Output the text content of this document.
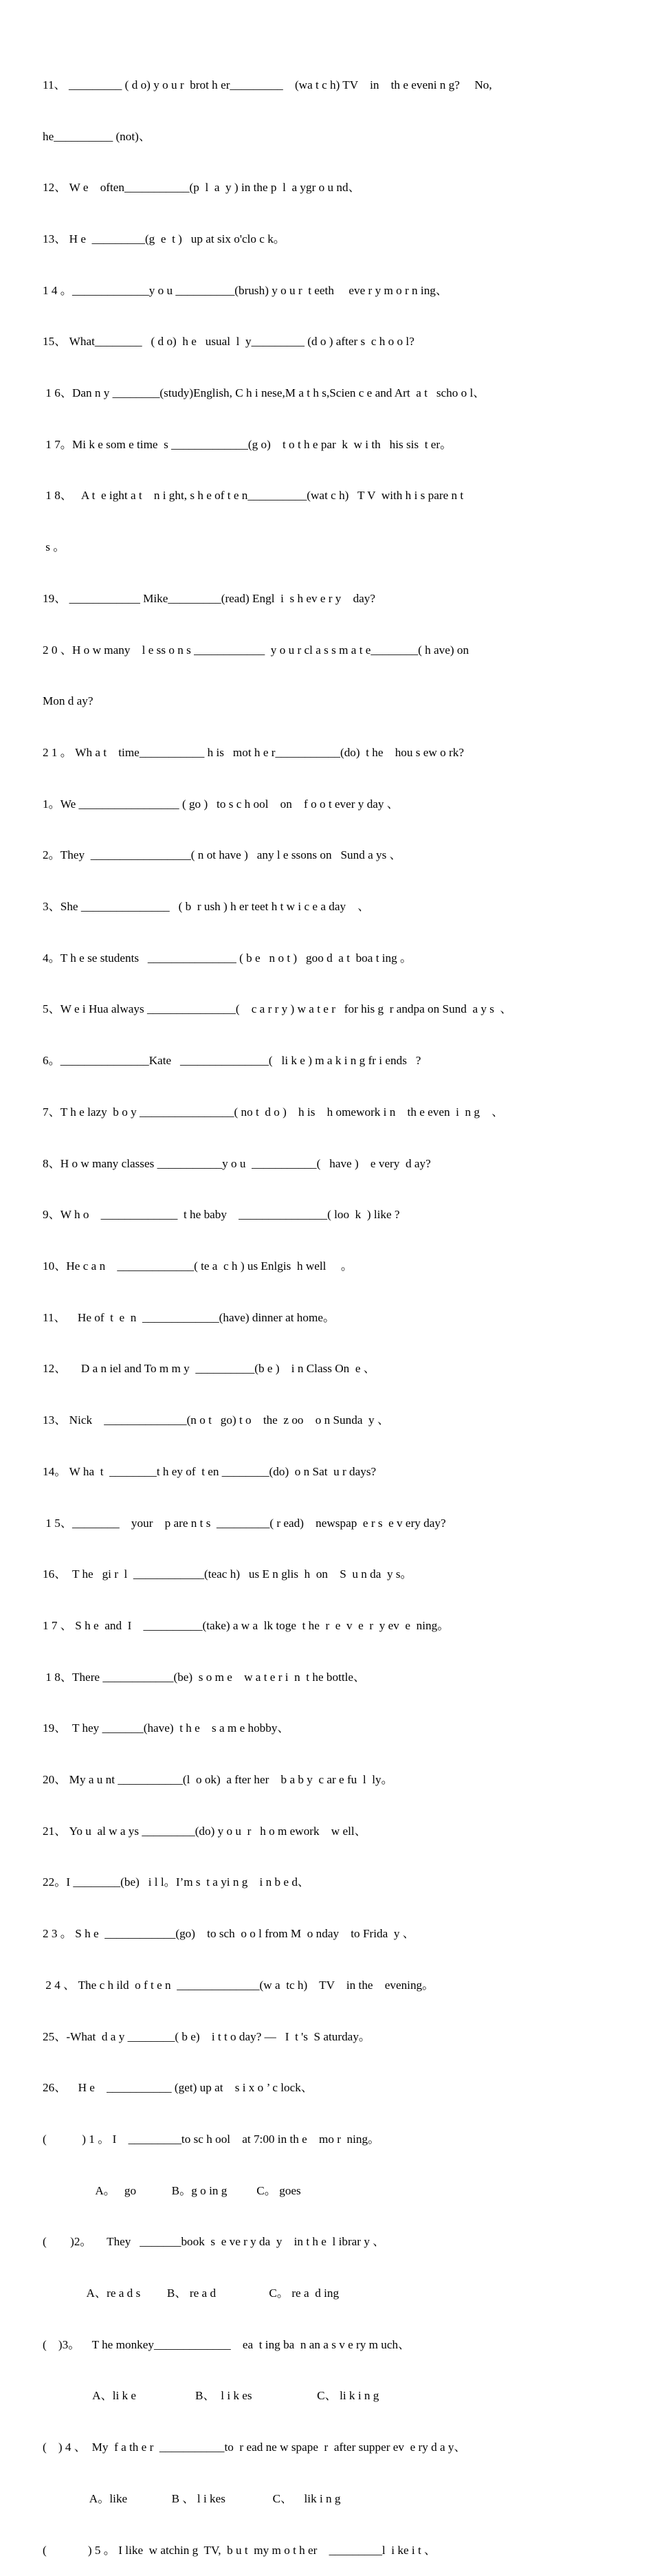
11、 _________ ( d o) y o u r  brot h er_________    (wa t c h) TV    in    th e eveni n g?     No,

he__________ (not)、

12、 W e    often___________(p  l  a  y ) in the p  l  a ygr o u nd、

13、 H e  _________(g  e  t )   up at six o'clo c k。

1 4 。_____________y o u __________(brush) y o u r  t eeth     eve r y m o r n ing、

15、 What________   ( d o)  h e   usual  l  y_________ (d o ) after s  c h o o l?

1 6、Dan n y ________(study)English, C h i nese,M a t h s,Scien c e and Art  a t   scho o l、

1 7。Mi k e som e time  s _____________(g o)    t o t h e par  k  w i th   his sis  t er。

1 8、   A t  e ight a t    n i ght, s h e of t e n__________(wat c h)   T V  with h i s pare n t

s 。

19、 ____________ Mike_________(read) Engl  i  s h ev e r y    day?

2 0 、H o w many    l e ss o n s ____________  y o u r cl a s s m a t e________( h ave) on

Mon d ay?

2 1 。 Wh a t    time___________ h is   mot h e r___________(do)  t he    hou s ew o rk?

1。We _________________ ( go )   to s c h ool    on    f o o t ever y day 、

2。They  _________________( n ot have )   any l e ssons on   Sund a ys 、

3、She _______________   ( b  r ush ) h er teet h t w i c e a day    、

4。T h e se students   _______________ ( b e   n o t )   goo d  a t  boa t ing 。

5、W e i Hua always _______________(    c a r r y ) w a t e r   for his g  r andpa on Sund  a y s  、

6。_______________Kate   _______________(   li k e ) m a k i n g fr i ends   ?

7、T h e lazy  b o y ________________( no t  d o )    h is    h omework i n    th e even  i  n g    、

8、H o w many classes ___________y o u  ___________(   have )    e very  d ay?

9、W h o    _____________  t he baby    _______________( loo  k  ) like ?

10、He c a n    _____________( te a  c h ) us Enlgis  h well     。

11、    He of  t  e  n  _____________(have) dinner at home。

12、     D a n iel and To m m y  __________(b e )    i n Class On  e 、

13、 Nick    ______________(n o t   go) t o    the  z oo    o n Sunda  y 、

14。 W ha  t  ________t h ey of  t en ________(do)  o n Sat  u r days?

1 5、________    your    p are n t s  _________( r ead)    newspap  e r s  e v ery day?

16、  T he   gi r  l  ____________(teac h)   us E n glis  h  on    S  u n da  y s。

1 7 、 S h e  and  I    __________(take) a w a  lk toge  t he  r  e  v  e  r  y ev  e  ning。

1 8、There ____________(be)  s o m e    w a t e r i  n  t he bottle、

19、  T hey _______(have)  t h e    s a m e hobby、

20、 My a u nt ___________(l  o ok)  a fter her    b a b y  c ar e fu  l  ly。

21、 Yo u  al w a ys _________(do) y o u  r   h o m ework    w ell、

22。I ________(be)   i l l。I’m s  t a yi n g    i n b e d、

2 3 。 S h e  ____________(go)    to sch  o o l from M  o nday    to Frida  y 、

2 4 、 The c h ild  o f t e n  ______________(w a  tc h)    TV    in the    evening。

25、-What  d a y ________( b e)    i t t o day? ―   I  t 's  S aturday。

26、    H e    ___________ (get) up at    s i x o ’ c lock、

(            ) 1 。 I    _________to sc h ool    at 7:00 in th e    mo r  ning。

A。   go            B。g o in g          C。 goes

(        )2。     They   _______book  s  e ve r y da  y    in t h e  l ibrar y 、

A、re a d s         B、 re a d                  C。 re a  d ing

(    )3。    T he monkey_____________    ea  t ing ba  n an a s v e ry m uch、

A、li k e                    B、  l i k es                      C、 li k i n g

(    ) 4 、  My  f a th e r  ___________to  r ead ne w spape  r  after supper ev  e ry d a y、

A。like               B 、 l i kes                C、    lik i n g

(              ) 5 。 I like  w atchin g  TV,  b u t  my m o t h er    _________l  i ke i t 、
